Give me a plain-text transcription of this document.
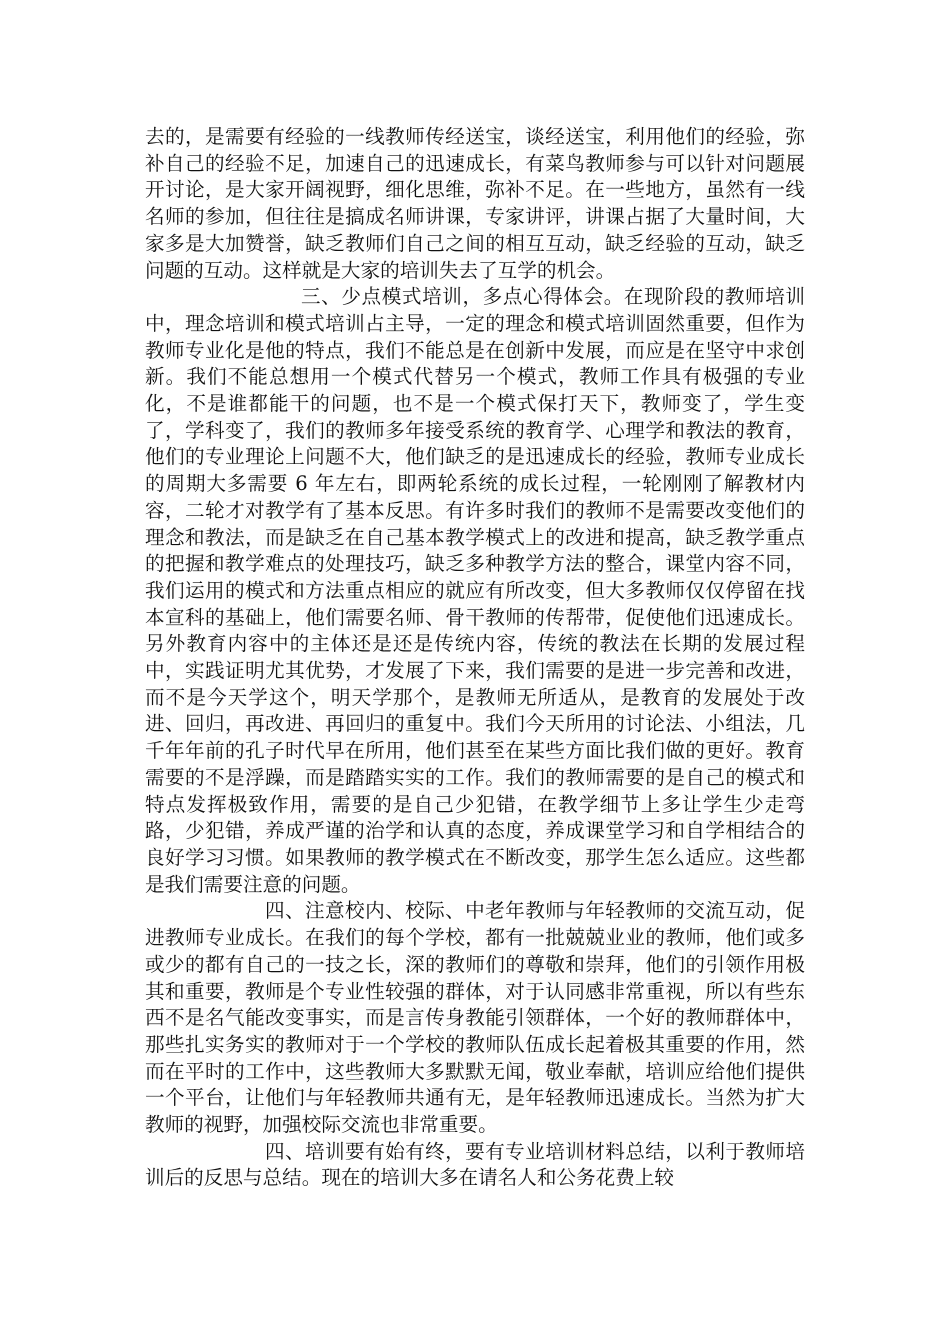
去的，是需要有经验的一线教师传经送宝，谈经送宝，利用他们的经验，弥补自己的经验不足，加速自己的迅速成长，有菜鸟教师参与可以针对问题展开讨论，是大家开阔视野，细化思维，弥补不足。在一些地方，虽然有一线名师的参加，但往往是搞成名师讲课，专家讲评，讲课占据了大量时间，大家多是大加赞誉，缺乏教师们自己之间的相互互动，缺乏经验的互动，缺乏问题的互动。这样就是大家的培训失去了互学的机会。

三、少点模式培训，多点心得体会。在现阶段的教师培训中，理念培训和模式培训占主导，一定的理念和模式培训固然重要，但作为教师专业化是他的特点，我们不能总是在创新中发展，而应是在坚守中求创新。我们不能总想用一个模式代替另一个模式，教师工作具有极强的专业化，不是谁都能干的问题，也不是一个模式保打天下，教师变了，学生变了，学科变了，我们的教师多年接受系统的教育学、心理学和教法的教育，他们的专业理论上问题不大，他们缺乏的是迅速成长的经验，教师专业成长的周期大多需要 6 年左右，即两轮系统的成长过程，一轮刚刚了解教材内容，二轮才对教学有了基本反思。有许多时我们的教师不是需要改变他们的理念和教法，而是缺乏在自己基本教学模式上的改进和提高，缺乏教学重点的把握和教学难点的处理技巧，缺乏多种教学方法的整合，课堂内容不同，我们运用的模式和方法重点相应的就应有所改变，但大多教师仅仅停留在找本宣科的基础上，他们需要名师、骨干教师的传帮带，促使他们迅速成长。另外教育内容中的主体还是还是传统内容，传统的教法在长期的发展过程中，实践证明尤其优势，才发展了下来，我们需要的是进一步完善和改进，而不是今天学这个，明天学那个，是教师无所适从，是教育的发展处于改进、回归，再改进、再回归的重复中。我们今天所用的讨论法、小组法，几千年年前的孔子时代早在所用，他们甚至在某些方面比我们做的更好。教育需要的不是浮躁，而是踏踏实实的工作。我们的教师需要的是自己的模式和特点发挥极致作用，需要的是自己少犯错，在教学细节上多让学生少走弯路，少犯错，养成严谨的治学和认真的态度，养成课堂学习和自学相结合的良好学习习惯。如果教师的教学模式在不断改变，那学生怎么适应。这些都是我们需要注意的问题。

四、注意校内、校际、中老年教师与年轻教师的交流互动，促进教师专业成长。在我们的每个学校，都有一批兢兢业业的教师，他们或多或少的都有自己的一技之长，深的教师们的尊敬和崇拜，他们的引领作用极其和重要，教师是个专业性较强的群体，对于认同感非常重视，所以有些东西不是名气能改变事实，而是言传身教能引领群体，一个好的教师群体中，那些扎实务实的教师对于一个学校的教师队伍成长起着极其重要的作用，然而在平时的工作中，这些教师大多默默无闻，敬业奉献，培训应给他们提供一个平台，让他们与年轻教师共通有无，是年轻教师迅速成长。当然为扩大教师的视野，加强校际交流也非常重要。

四、培训要有始有终，要有专业培训材料总结，以利于教师培训后的反思与总结。现在的培训大多在请名人和公务花费上较
